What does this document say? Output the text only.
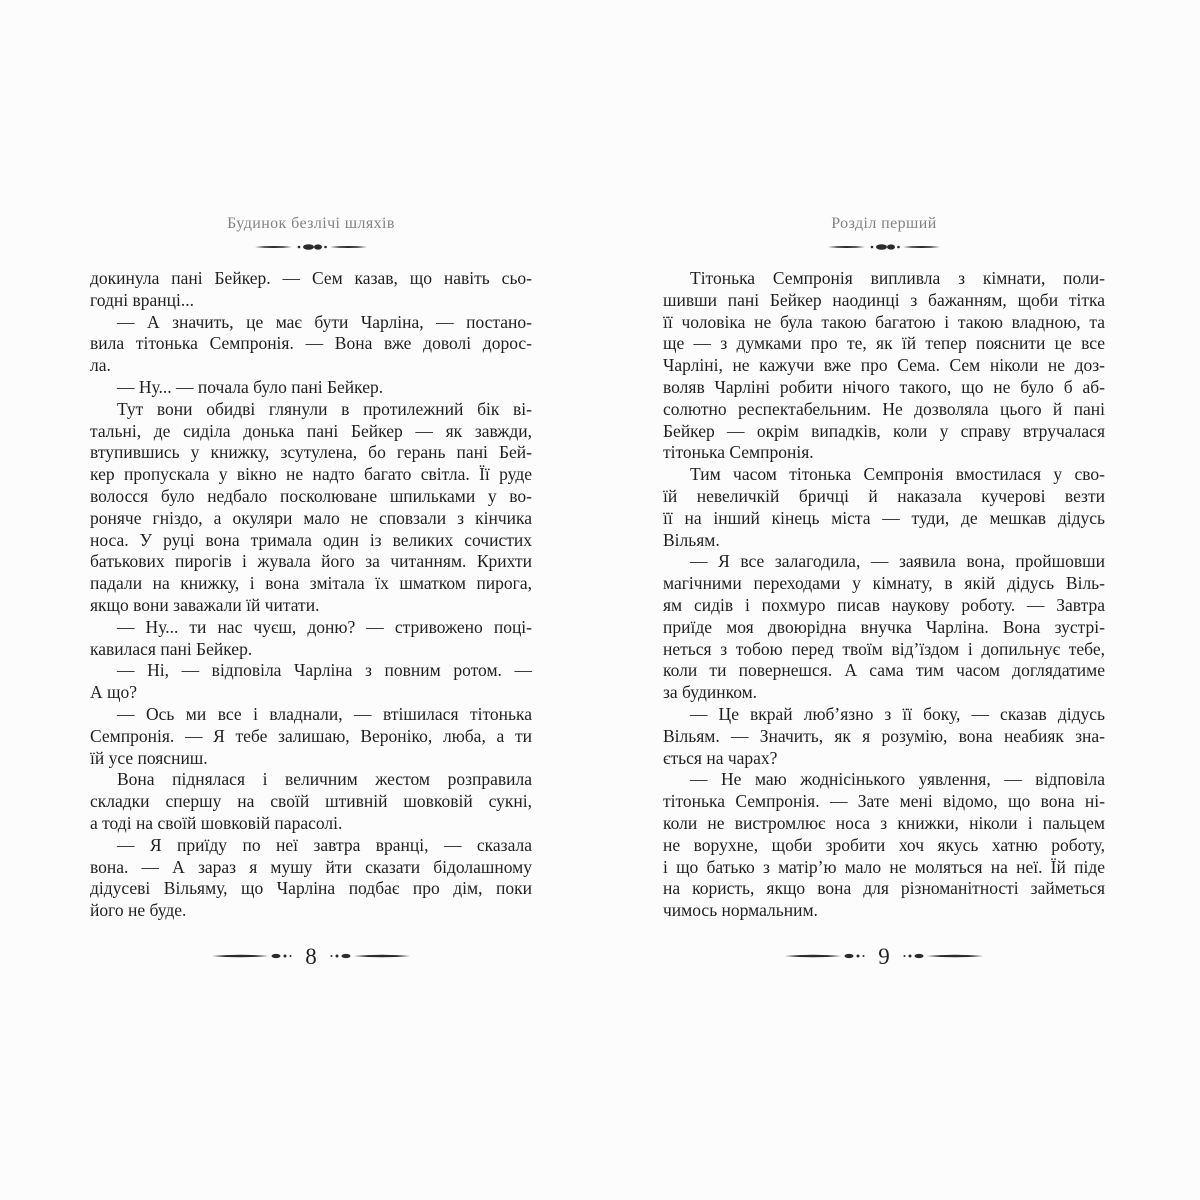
Будинок безлічі шляхів
докинула пані Бейкер. — Сем казав, що навіть сьо-
годні вранці...
— А значить, це має бути Чарліна, — постано-
вила тітонька Семпронія. — Вона вже доволі дорос-
ла.
— Ну... — почала було пані Бейкер.
Тут вони обидві глянули в протилежний бік ві-
тальні, де сиділа донька пані Бейкер — як завжди,
втупившись у книжку, зсутулена, бо герань пані Бей-
кер пропускала у вікно не надто багато світла. Її руде
волосся було недбало посколюване шпильками у во-
роняче гніздо, а окуляри мало не сповзали з кінчика
носа. У руці вона тримала один із великих сочистих
батькових пирогів і жувала його за читанням. Крихти
падали на книжку, і вона змітала їх шматком пирога,
якщо вони заважали їй читати.
— Ну... ти нас чуєш, доню? — стривожено поці-
кавилася пані Бейкер.
— Ні, — відповіла Чарліна з повним ротом. —
А що?
— Ось ми все і владнали, — втішилася тітонька
Семпронія. — Я тебе залишаю, Вероніко, люба, а ти
їй усе поясниш.
Вона піднялася і величним жестом розправила
складки спершу на своїй штивній шовковій сукні,
а тоді на своїй шовковій парасолі.
— Я приїду по неї завтра вранці, — сказала
вона. — А зараз я мушу йти сказати бідолашному
дідусеві Вільяму, що Чарліна подбає про дім, поки
його не буде.
8
Розділ перший
Тітонька Семпронія випливла з кімнати, поли-
шивши пані Бейкер наодинці з бажанням, щоби тітка
її чоловіка не була такою багатою і такою владною, та
ще — з думками про те, як їй тепер пояснити це все
Чарліні, не кажучи вже про Сема. Сем ніколи не доз-
воляв Чарліні робити нічого такого, що не було б аб-
солютно респектабельним. Не дозволяла цього й пані
Бейкер — окрім випадків, коли у справу втручалася
тітонька Семпронія.
Тим часом тітонька Семпронія вмостилася у сво-
їй невеличкій бричці й наказала кучерові везти
її на інший кінець міста — туди, де мешкав дідусь
Вільям.
— Я все залагодила, — заявила вона, пройшовши
магічними переходами у кімнату, в якій дідусь Віль-
ям сидів і похмуро писав наукову роботу. — Завтра
приїде моя двоюрідна внучка Чарліна. Вона зустрі-
неться з тобою перед твоїм від’їздом і допильнує тебе,
коли ти повернешся. А сама тим часом доглядатиме
за будинком.
— Це вкрай люб’язно з її боку, — сказав дідусь
Вільям. — Значить, як я розумію, вона неабияк зна-
ється на чарах?
— Не маю жоднісінького уявлення, — відповіла
тітонька Семпронія. — Зате мені відомо, що вона ні-
коли не вистромлює носа з книжки, ніколи і пальцем
не ворухне, щоби зробити хоч якусь хатню роботу,
і що батько з матір’ю мало не моляться на неї. Їй піде
на користь, якщо вона для різноманітності займеться
чимось нормальним.
9
